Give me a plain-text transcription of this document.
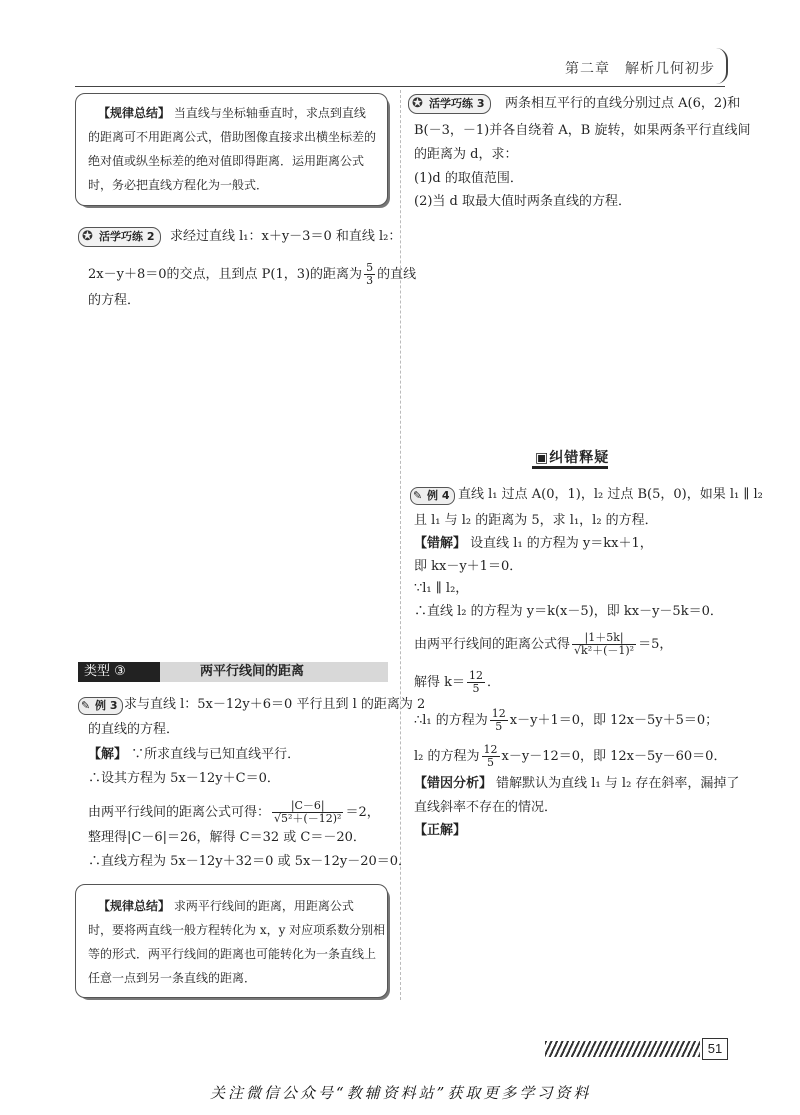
第二章　解析几何初步
【规律总结】 当直线与坐标轴垂直时，求点到直线
的距离可不用距离公式，借助图像直接求出横坐标差的
绝对值或纵坐标差的绝对值即得距离．运用距离公式
时，务必把直线方程化为一般式．
✪ 活学巧练 2	求经过直线 l₁：x＋y－3＝0 和直线 l₂：
2x－y＋8＝0的交点，且到点 P(1，3)的距离为 $\frac{5}{3}$ 的直线
的方程．
类型 ③	两平行线间的距离
✎ 例 3 求与直线 l：5x－12y＋6＝0 平行且到 l 的距离为 2
的直线的方程．
【解】 ∵所求直线与已知直线平行．
∴设其方程为 5x－12y＋C＝0．
由两平行线间的距离公式可得： $\frac{|C-6|}{\text{√5²＋(－12)²}} =2$，
整理得|C－6|＝26，解得 C＝32 或 C＝－20．
∴直线方程为 5x－12y＋32＝0 或 5x－12y－20＝0．
【规律总结】 求两平行线间的距离，用距离公式
时，要将两直线一般方程转化为 x，y 对应项系数分别相
等的形式．两平行线间的距离也可能转化为一条直线上
任意一点到另一条直线的距离．
✪ 活学巧练 3	两条相互平行的直线分别过点 A(6，2)和
B(－3，－1)并各自绕着 A，B 旋转，如果两条平行直线间
的距离为 d，求：
(1)d 的取值范围．
(2)当 d 取最大值时两条直线的方程．
▣纠错释疑
✎ 例 4 直线 l₁ 过点 A(0，1)，l₂ 过点 B(5，0)，如果 l₁ ∥ l₂
且 l₁ 与 l₂ 的距离为 5，求 l₁，l₂ 的方程．
【错解】 设直线 l₁ 的方程为 y＝kx＋1，
即 kx－y＋1＝0．
∵l₁ ∥ l₂，
∴直线 l₂ 的方程为 y＝k(x－5)，即 kx－y－5k＝0．
由两平行线间的距离公式得 $\frac{|1+5k|}{\text{√k²＋(－1)²}} =5$，
解得 $k= \frac{12}{5}$ ．
∴l₁ 的方程为 $\frac{12}{5} x-y+1=0$，即 12x－5y＋5＝0；
l₂ 的方程为 $\frac{12}{5} x-y-12=0$，即 12x－5y－60＝0．
【错因分析】 错解默认为直线 l₁ 与 l₂ 存在斜率，漏掉了
直线斜率不存在的情况．
【正解】
51
关注微信公众号“教辅资料站”获取更多学习资料
